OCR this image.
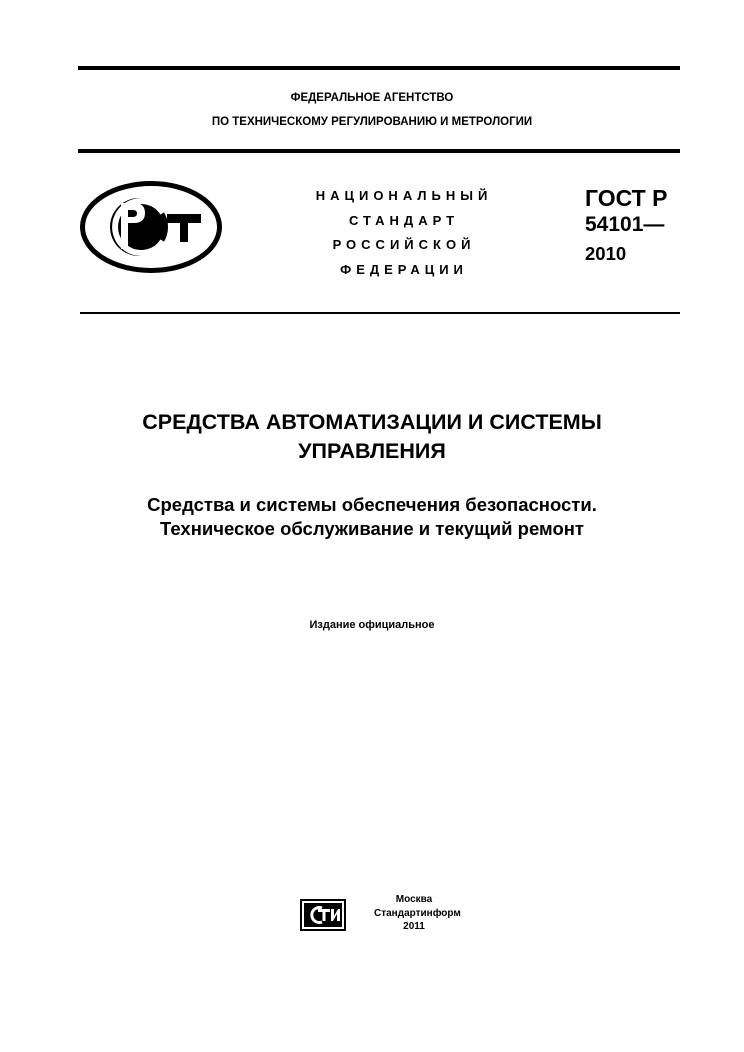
ФЕДЕРАЛЬНОЕ АГЕНТСТВО
ПО ТЕХНИЧЕСКОМУ РЕГУЛИРОВАНИЮ И МЕТРОЛОГИИ
НАЦИОНАЛЬНЫЙ
СТАНДАРТ
РОССИЙСКОЙ
ФЕДЕРАЦИИ
ГОСТ Р
54101—
2010
СРЕДСТВА АВТОМАТИЗАЦИИ И СИСТЕМЫ
УПРАВЛЕНИЯ
Средства и системы обеспечения безопасности.
Техническое обслуживание и текущий ремонт
Издание официальное
Москва
Стандартинформ
2011
